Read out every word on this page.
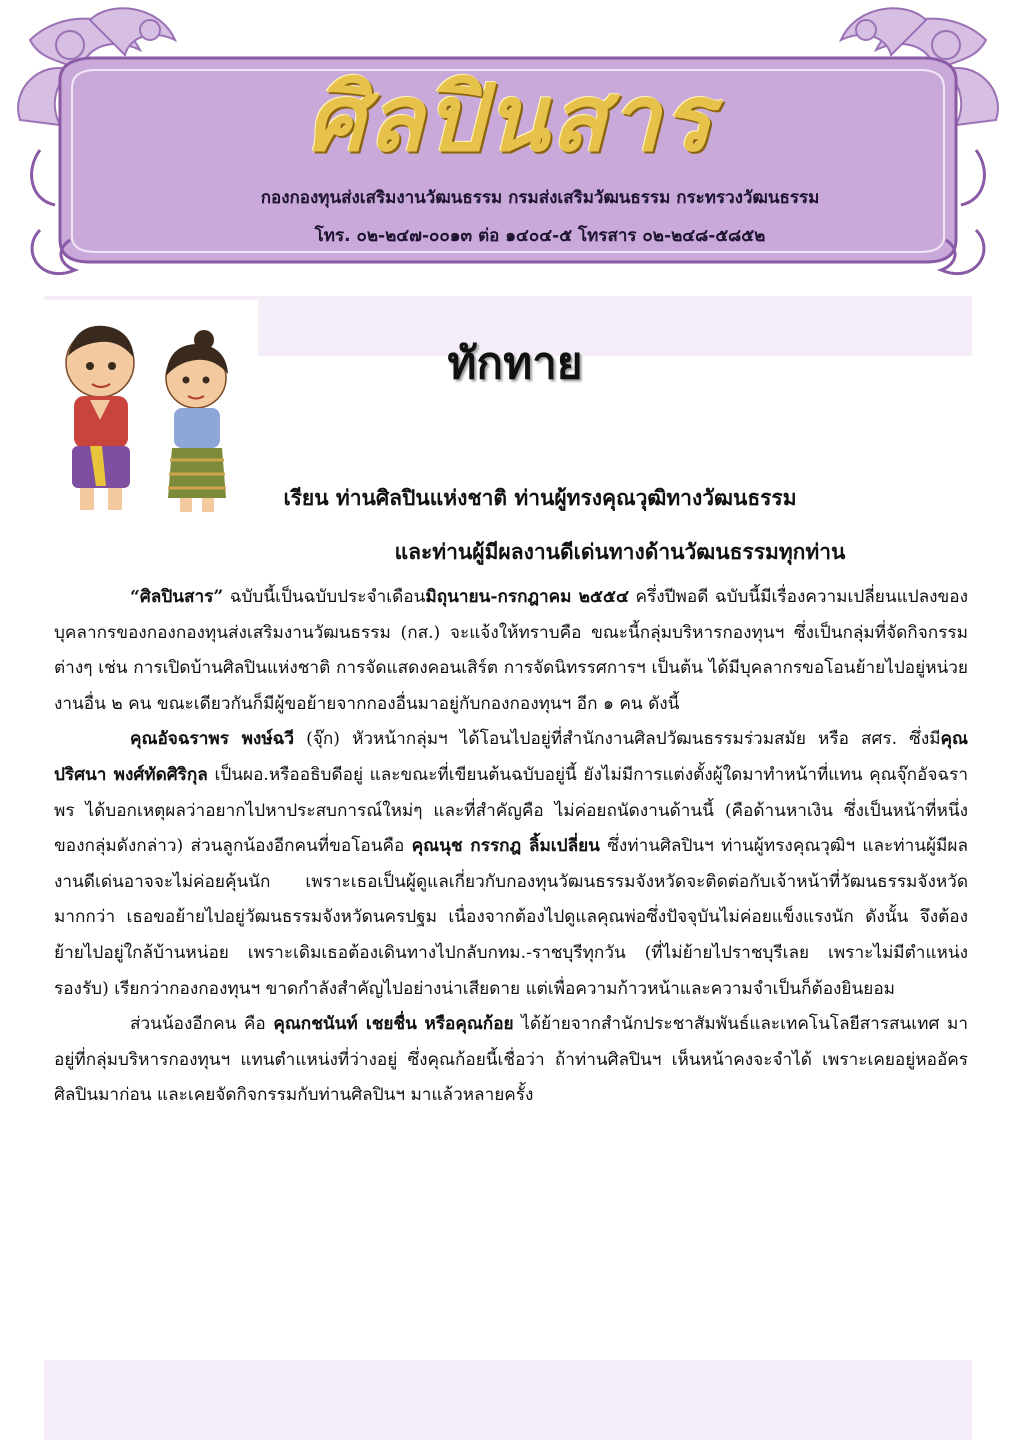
ศิลปินสาร
กองกองทุนส่งเสริมงานวัฒนธรรม กรมส่งเสริมวัฒนธรรม กระทรวงวัฒนธรรม
โทร. ๐๒-๒๔๗-๐๐๑๓ ต่อ ๑๔๐๔-๕ โทรสาร ๐๒-๒๔๘-๕๘๕๒
ทักทาย
เรียน ท่านศิลปินแห่งชาติ ท่านผู้ทรงคุณวุฒิทางวัฒนธรรม
และท่านผู้มีผลงานดีเด่นทางด้านวัฒนธรรมทุกท่าน

“ศิลปินสาร” ฉบับนี้เป็นฉบับประจำเดือนมิถุนายน-กรกฎาคม ๒๕๕๔ ครึ่งปีพอดี ฉบับนี้มีเรื่องความเปลี่ยนแปลงของบุคลากรของกองกองทุนส่งเสริมงานวัฒนธรรม (กส.) จะแจ้งให้ทราบคือ ขณะนี้กลุ่มบริหารกองทุนฯ ซึ่งเป็นกลุ่มที่จัดกิจกรรมต่างๆ เช่น การเปิดบ้านศิลปินแห่งชาติ การจัดแสดงคอนเสิร์ต การจัดนิทรรศการฯ เป็นต้น ได้มีบุคลากรขอโอนย้ายไปอยู่หน่วยงานอื่น ๒ คน ขณะเดียวกันก็มีผู้ขอย้ายจากกองอื่นมาอยู่กับกองกองทุนฯ อีก ๑ คน ดังนี้

คุณอัจฉราพร พงษ์ฉวี (จุ๊ก) หัวหน้ากลุ่มฯ ได้โอนไปอยู่ที่สำนักงานศิลปวัฒนธรรมร่วมสมัย หรือ สศร. ซึ่งมีคุณปริศนา พงศ์ทัดศิริกุล เป็นผอ.หรืออธิบดีอยู่ และขณะที่เขียนต้นฉบับอยู่นี้ ยังไม่มีการแต่งตั้งผู้ใดมาทำหน้าที่แทน คุณจุ๊กอัจฉราพร ได้บอกเหตุผลว่าอยากไปหาประสบการณ์ใหม่ๆ และที่สำคัญคือ ไม่ค่อยถนัดงานด้านนี้ (คือด้านหาเงิน ซึ่งเป็นหน้าที่หนึ่งของกลุ่มดังกล่าว) ส่วนลูกน้องอีกคนที่ขอโอนคือ คุณนุช กรรกฎ ลิ้มเปลี่ยน ซึ่งท่านศิลปินฯ ท่านผู้ทรงคุณวุฒิฯ และท่านผู้มีผลงานดีเด่นอาจจะไม่ค่อยคุ้นนัก เพราะเธอเป็นผู้ดูแลเกี่ยวกับกองทุนวัฒนธรรมจังหวัดจะติดต่อกับเจ้าหน้าที่วัฒนธรรมจังหวัดมากกว่า เธอขอย้ายไปอยู่วัฒนธรรมจังหวัดนครปฐม เนื่องจากต้องไปดูแลคุณพ่อซึ่งปัจจุบันไม่ค่อยแข็งแรงนัก ดังนั้น จึงต้องย้ายไปอยู่ใกล้บ้านหน่อย เพราะเดิมเธอต้องเดินทางไปกลับกทม.-ราชบุรีทุกวัน (ที่ไม่ย้ายไปราชบุรีเลย เพราะไม่มีตำแหน่งรองรับ) เรียกว่ากองกองทุนฯ ขาดกำลังสำคัญไปอย่างน่าเสียดาย แต่เพื่อความก้าวหน้าและความจำเป็นก็ต้องยินยอม

ส่วนน้องอีกคน คือ คุณกชนันท์ เชยชื่น หรือคุณก้อย ได้ย้ายจากสำนักประชาสัมพันธ์และเทคโนโลยีสารสนเทศ มาอยู่ที่กลุ่มบริหารกองทุนฯ แทนตำแหน่งที่ว่างอยู่ ซึ่งคุณก้อยนี้เชื่อว่า ถ้าท่านศิลปินฯ เห็นหน้าคงจะจำได้ เพราะเคยอยู่หออัครศิลปินมาก่อน และเคยจัดกิจกรรมกับท่านศิลปินฯ มาแล้วหลายครั้ง
